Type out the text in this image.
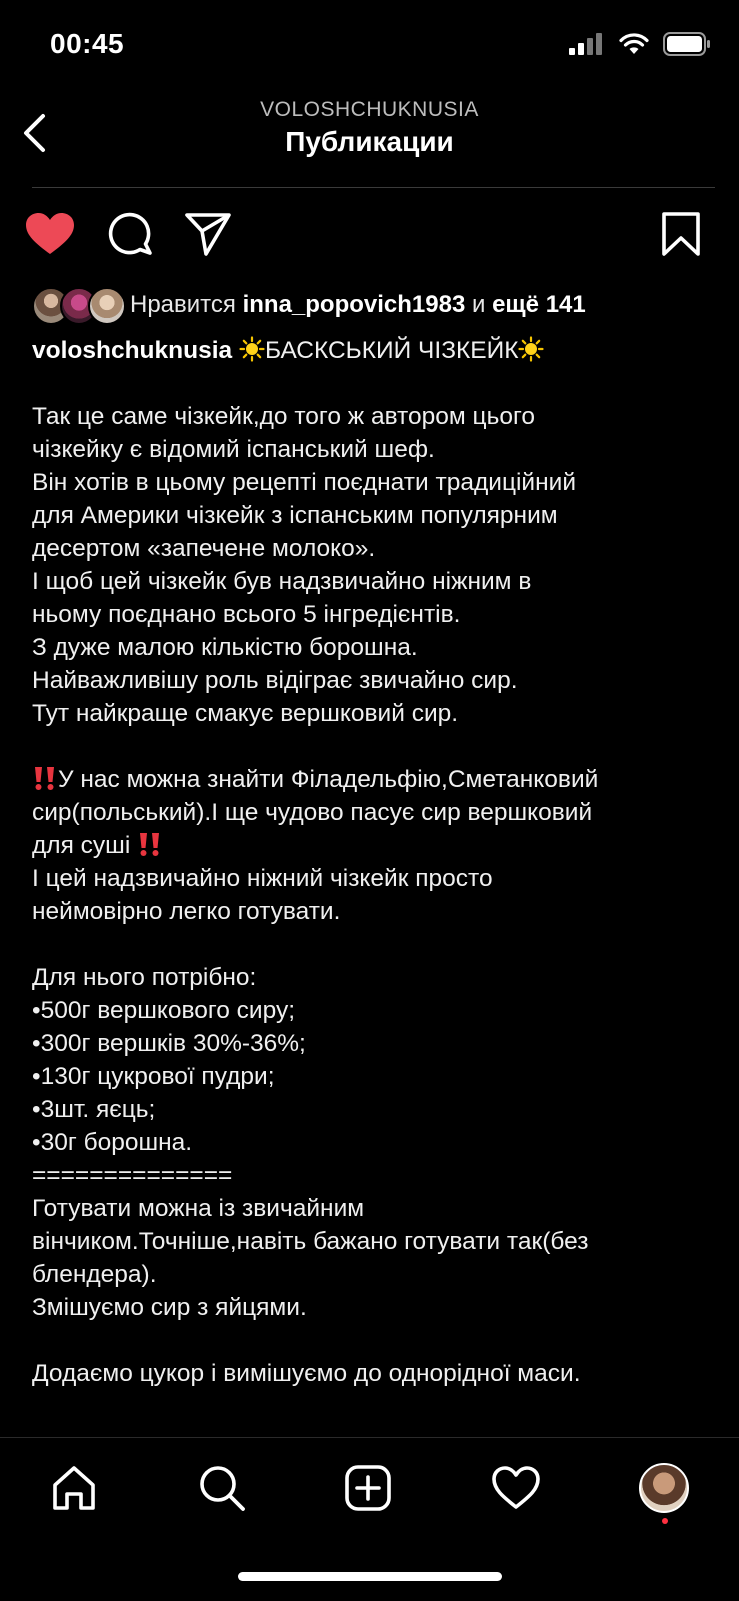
00:45
VOLOSHCHUKNUSIA
Публикации
Нравится inna_popovich1983 и ещё 141
voloshchuknusia БАСКСЬКИЙ ЧІЗКЕЙК
Так це саме чізкейк,до того ж автором цього
чізкейку є відомий іспанський шеф.
Він хотів в цьому рецепті поєднати традиційний
для Америки чізкейк з іспанським популярним
десертом «запечене молоко».
І щоб цей чізкейк був надзвичайно ніжним в
ньому поєднано всього 5 інгредієнтів.
З дуже малою кількістю борошна.
Найважливішу роль відіграє звичайно сир.
Тут найкраще смакує вершковий сир.
У нас можна знайти Філадельфію,Сметанковий
сир(польський).І ще чудово пасує сир вершковий
для суші
І цей надзвичайно ніжний чізкейк просто
неймовірно легко готувати.
Для нього потрібно:
•500г вершкового сиру;
•300г вершків 30%-36%;
•130г цукрової пудри;
•3шт. яєць;
•30г борошна.
==============
Готувати можна із звичайним
вінчиком.Точніше,навіть бажано готувати так(без
блендера).
Змішуємо сир з яйцями.
Додаємо цукор і вимішуємо до однорідної маси.
